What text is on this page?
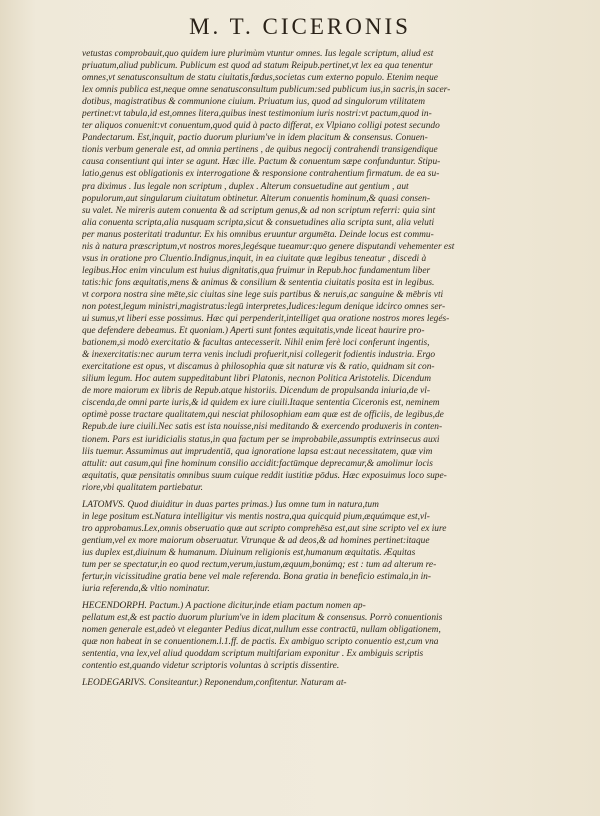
M. T. CICERONIS

vetustas comprobauit,quo quidem iure plurimùm vtuntur omnes. Ius legale scriptum, aliud est

priuatum,aliud publicum. Publicum est quod ad statum Reipub.pertinet,vt lex ea qua tenentur

omnes,vt senatusconsultum de statu ciuitatis,fœdus,societas cum externo populo. Etenim neque

lex omnis publica est,neque omne senatusconsultum publicum:sed publicum ius,in sacris,in sacer-

dotibus, magistratibus & communione ciuium. Priuatum ius, quod ad singulorum vtilitatem

pertinet:vt tabula,id est,omnes litera,quibus inest testimonium iuris nostri:vt pactum,quod in-

ter aliquos conuenit:vt conuentum,quod quid à pacto differat, ex Vlpiano colligi potest secundo

Pandectarum. Est,inquit, pactio duorum plurium've in idem placitum & consensus. Conuen-

tionis verbum generale est, ad omnia pertinens , de quibus negocij contrahendi transigendique

causa consentiunt qui inter se agunt. Hæc ille. Pactum & conuentum sæpe confunduntur. Stipu-

latio,genus est obligationis ex interrogatione & responsione contrahentium firmatum. de ea su-

pra diximus . Ius legale non scriptum , duplex . Alterum consuetudine aut gentium , aut

populorum,aut singularum ciuitatum obtinetur. Alterum conuentis hominum,& quasi consen-

su valet. Ne mireris autem conuenta & ad scriptum genus,& ad non scriptum referri: quia sint

alia conuenta scripta,alia nusquam scripta,sicut & consuetudines alia scripta sunt, alia veluti

per manus posteritati traduntur. Ex his omnibus eruuntur argumēta. Deinde locus est commu-

nis à natura præscriptum,vt nostros mores,legésque tueamur:quo genere disputandi vehementer est

vsus in oratione pro Cluentio.Indignus,inquit, in ea ciuitate quæ legibus teneatur , discedi à

legibus.Hoc enim vinculum est huius dignitatis,qua fruimur in Repub.hoc fundamentum liber

tatis:hic fons æquitatis,mens & animus & consilium & sententia ciuitatis posita est in legibus.

vt corpora nostra sine mēte,sic ciuitas sine lege suis partibus & neruis,ac sanguine & mēbris vti

non potest,legum ministri,magistratus:legū interpretes,Iudices:legum denique idcirco omnes ser-

ui sumus,vt liberi esse possimus. Hæc qui perpenderit,intelliget qua oratione nostros mores legés-

que defendere debeamus. Et quoniam.) Aperti sunt fontes æquitatis,vnde liceat haurire pro-

bationem,si modò exercitatio & facultas antecesserit. Nihil enim ferè loci conferunt ingentis,

& inexercitatis:nec aurum terra venis includi profuerit,nisi collegerit fodientis industria. Ergo

exercitatione est opus, vt discamus à philosophia quæ sit naturæ vis & ratio, quidnam sit con-

silium legum. Hoc autem suppeditabunt libri Platonis, necnon Politica Aristotelis. Dicendum

de more maiorum ex libris de Repub.atque historiis. Dicendum de propulsanda iniuria,de vl-

ciscenda,de omni parte iuris,& id quidem ex iure ciuili.Itaque sententia Ciceronis est, neminem

optimè posse tractare qualitatem,qui nesciat philosophiam eam quæ est de officiis, de legibus,de

Repub.de iure ciuili.Nec satis est ista nouisse,nisi meditando & exercendo produxeris in conten-

tionem. Pars est iuridicialis status,in qua factum per se improbabile,assumptis extrinsecus auxi

liis tuemur. Assumimus aut imprudentiā, qua ignoratione lapsa est:aut necessitatem, quæ vim

attulit: aut casum,qui fine hominum consilio accidit:factūmque deprecamur,& amolimur locis

æquitatis, quæ pensitatis omnibus suum cuique reddit iustitiæ pōdus. Hæc exposuimus loco supe-

riore,vbi qualitatem partiebatur.

LATOMVS. Quod diuiditur in duas partes primas.) Ius omne tum in natura,tum

in lege positum est.Natura intelligitur vis mentis nostra,qua quicquid pium,æquúmque est,vl-

tro approbamus.Lex,omnis obseruatio quæ aut scripto comprehēsa est,aut sine scripto vel ex iure

gentium,vel ex more maiorum obseruatur. Vtrunque & ad deos,& ad homines pertinet:itaque

ius duplex est,diuinum & humanum. Diuinum religionis est,humanum æquitatis. Æquitas

tum per se spectatur,in eo quod rectum,verum,iustum,æquum,bonúmq; est : tum ad alterum re-

fertur,in vicissitudine gratia bene vel male referenda. Bona gratia in beneficio estimala,in in-

iuria referenda,& vltio nominatur.

HECENDORPH. Pactum.) A pactione dicitur,inde etiam pactum nomen ap-

pellatum est,& est pactio duorum plurium've in idem placitum & consensus. Porrò conuentionis

nomen generale est,adeò vt eleganter Pedius dicat,nullum esse contractū, nullam obligationem,

quæ non habeat in se conuentionem.l.1.ff. de pactis. Ex ambiguo scripto conuentio est,cum vna

sententia, vna lex,vel aliud quoddam scriptum multifariam exponitur . Ex ambiguis scriptis

contentio est,quando videtur scriptoris voluntas à scriptis dissentire.

LEODEGARIVS. Consiteantur.) Reponendum,confitentur. Naturam at-
